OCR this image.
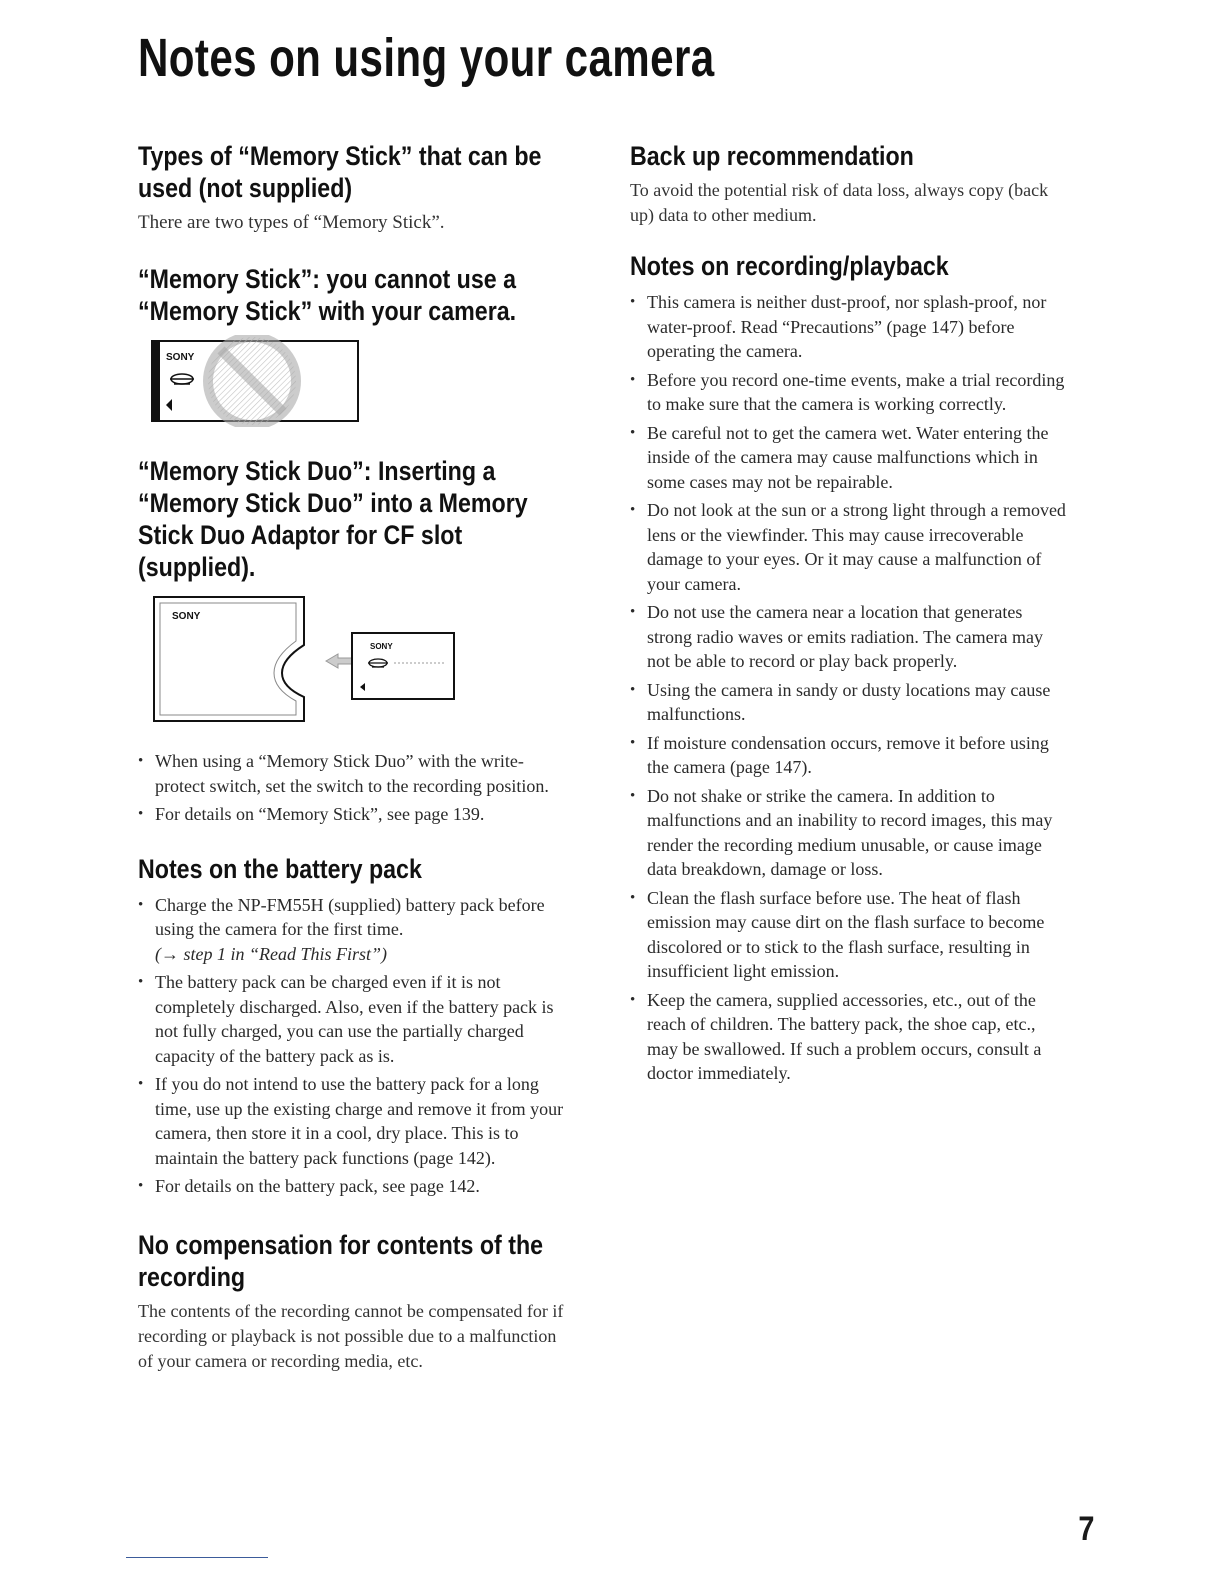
Notes on using your camera
Types of “Memory Stick” that can be used (not supplied)

There are two types of “Memory Stick”.

“Memory Stick”: you cannot use a “Memory Stick” with your camera.
SONY
“Memory Stick Duo”: Inserting a “Memory Stick Duo” into a Memory Stick Duo Adaptor for CF slot (supplied).
SONY
SONY
• When using a “Memory Stick Duo” with the write-protect switch, set the switch to the recording position.
• For details on “Memory Stick”, see page 139.
Notes on the battery pack
• Charge the NP-FM55H (supplied) battery pack before using the camera for the first time.
(→ step 1 in “Read This First”)
• The battery pack can be charged even if it is not completely discharged. Also, even if the battery pack is not fully charged, you can use the partially charged capacity of the battery pack as is.
• If you do not intend to use the battery pack for a long time, use up the existing charge and remove it from your camera, then store it in a cool, dry place. This is to maintain the battery pack functions (page 142).
• For details on the battery pack, see page 142.
No compensation for contents of the recording

The contents of the recording cannot be compensated for if recording or playback is not possible due to a malfunction of your camera or recording media, etc.

Back up recommendation

To avoid the potential risk of data loss, always copy (back up) data to other medium.

Notes on recording/playback
• This camera is neither dust-proof, nor splash-proof, nor water-proof. Read “Precautions” (page 147) before operating the camera.
• Before you record one-time events, make a trial recording to make sure that the camera is working correctly.
• Be careful not to get the camera wet. Water entering the inside of the camera may cause malfunctions which in some cases may not be repairable.
• Do not look at the sun or a strong light through a removed lens or the viewfinder. This may cause irrecoverable damage to your eyes. Or it may cause a malfunction of your camera.
• Do not use the camera near a location that generates strong radio waves or emits radiation. The camera may not be able to record or play back properly.
• Using the camera in sandy or dusty locations may cause malfunctions.
• If moisture condensation occurs, remove it before using the camera (page 147).
• Do not shake or strike the camera. In addition to malfunctions and an inability to record images, this may render the recording medium unusable, or cause image data breakdown, damage or loss.
• Clean the flash surface before use. The heat of flash emission may cause dirt on the flash surface to become discolored or to stick to the flash surface, resulting in insufficient light emission.
• Keep the camera, supplied accessories, etc., out of the reach of children. The battery pack, the shoe cap, etc., may be swallowed. If such a problem occurs, consult a doctor immediately.
7
